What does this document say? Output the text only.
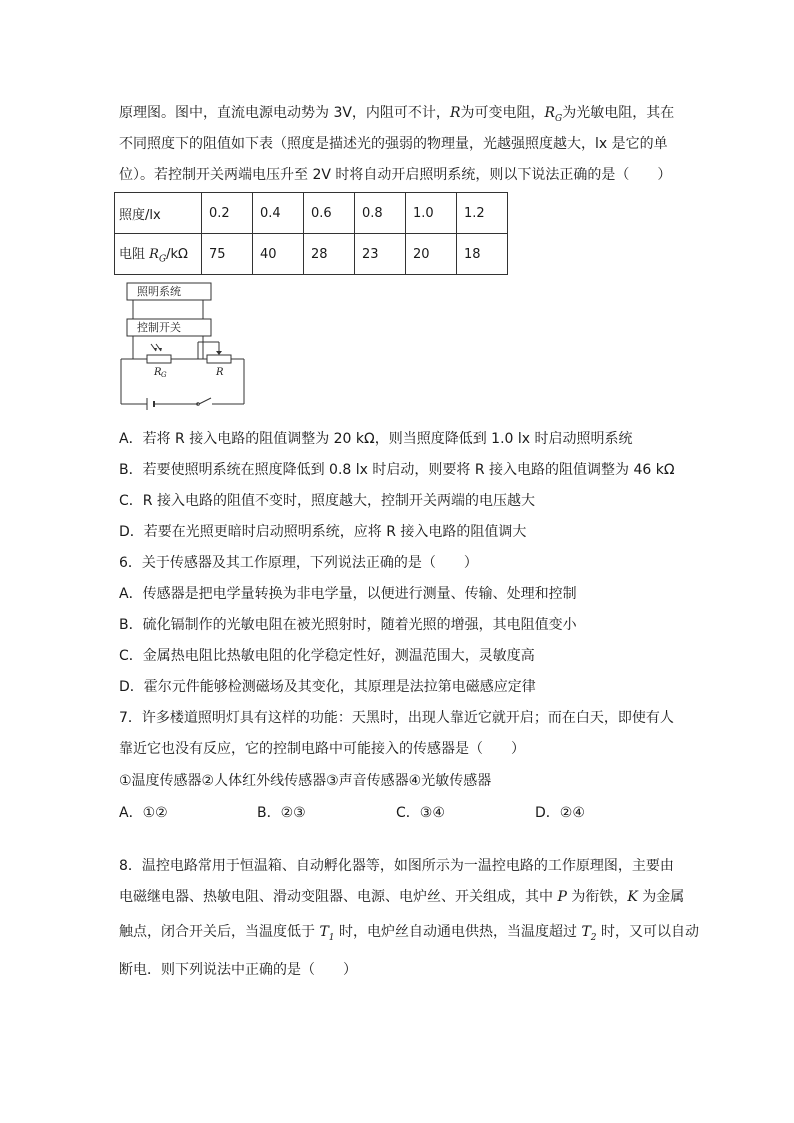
原理图。图中，直流电源电动势为 3V，内阻可不计，R为可变电阻，$R_G$为光敏电阻，其在
不同照度下的阻值如下表（照度是描述光的强弱的物理量，光越强照度越大，lx 是它的单
位）。若控制开关两端电压升至 2V 时将自动开启照明系统，则以下说法正确的是（　　）
照度/lx	0.2	0.4	0.6	0.8	1.0	1.2
电阻 $R_G/k\Omega$	75	40	28	23	20	18
照明系统
控制开关
R G	R
A．若将 R 接入电路的阻值调整为 20 kΩ，则当照度降低到 1.0 lx 时启动照明系统
B．若要使照明系统在照度降低到 0.8 lx 时启动，则要将 R 接入电路的阻值调整为 46 kΩ
C．R 接入电路的阻值不变时，照度越大，控制开关两端的电压越大
D．若要在光照更暗时启动照明系统，应将 R 接入电路的阻值调大
6．关于传感器及其工作原理，下列说法正确的是（　　）
A．传感器是把电学量转换为非电学量，以便进行测量、传输、处理和控制
B．硫化镉制作的光敏电阻在被光照射时，随着光照的增强，其电阻值变小
C．金属热电阻比热敏电阻的化学稳定性好，测温范围大，灵敏度高
D．霍尔元件能够检测磁场及其变化，其原理是法拉第电磁感应定律
7．许多楼道照明灯具有这样的功能：天黑时，出现人靠近它就开启；而在白天，即使有人
靠近它也没有反应，它的控制电路中可能接入的传感器是（　　）
①温度传感器②人体红外线传感器③声音传感器④光敏传感器
A．①②	B．②③	C．③④	D．②④
8．温控电路常用于恒温箱、自动孵化器等，如图所示为一温控电路的工作原理图，主要由
电磁继电器、热敏电阻、滑动变阻器、电源、电炉丝、开关组成，其中 P 为衔铁，K 为金属
触点，闭合开关后，当温度低于 $T_1$ 时，电炉丝自动通电供热，当温度超过 $T_2$ 时，又可以自动
断电．则下列说法中正确的是（　　）
